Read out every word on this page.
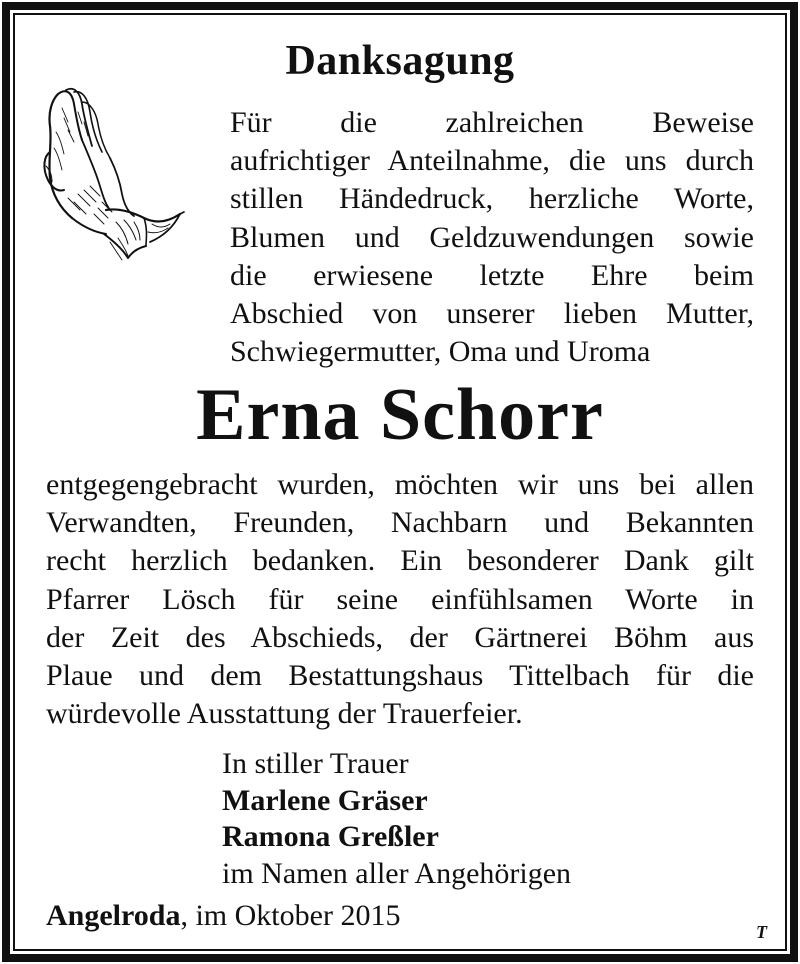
Danksagung
Für die zahlreichen Beweise
aufrichtiger Anteilnahme, die uns durch
stillen Händedruck, herzliche Worte,
Blumen und Geldzuwendungen sowie
die erwiesene letzte Ehre beim
Abschied von unserer lieben Mutter,
Schwiegermutter, Oma und Uroma
Erna Schorr
entgegengebracht wurden, möchten wir uns bei allen
Verwandten, Freunden, Nachbarn und Bekannten
recht herzlich bedanken. Ein besonderer Dank gilt
Pfarrer Lösch für seine einfühlsamen Worte in
der Zeit des Abschieds, der Gärtnerei Böhm aus
Plaue und dem Bestattungshaus Tittelbach für die
würdevolle Ausstattung der Trauerfeier.
In stiller Trauer
Marlene Gräser
Ramona Greßler
im Namen aller Angehörigen
Angelroda, im Oktober 2015	T
